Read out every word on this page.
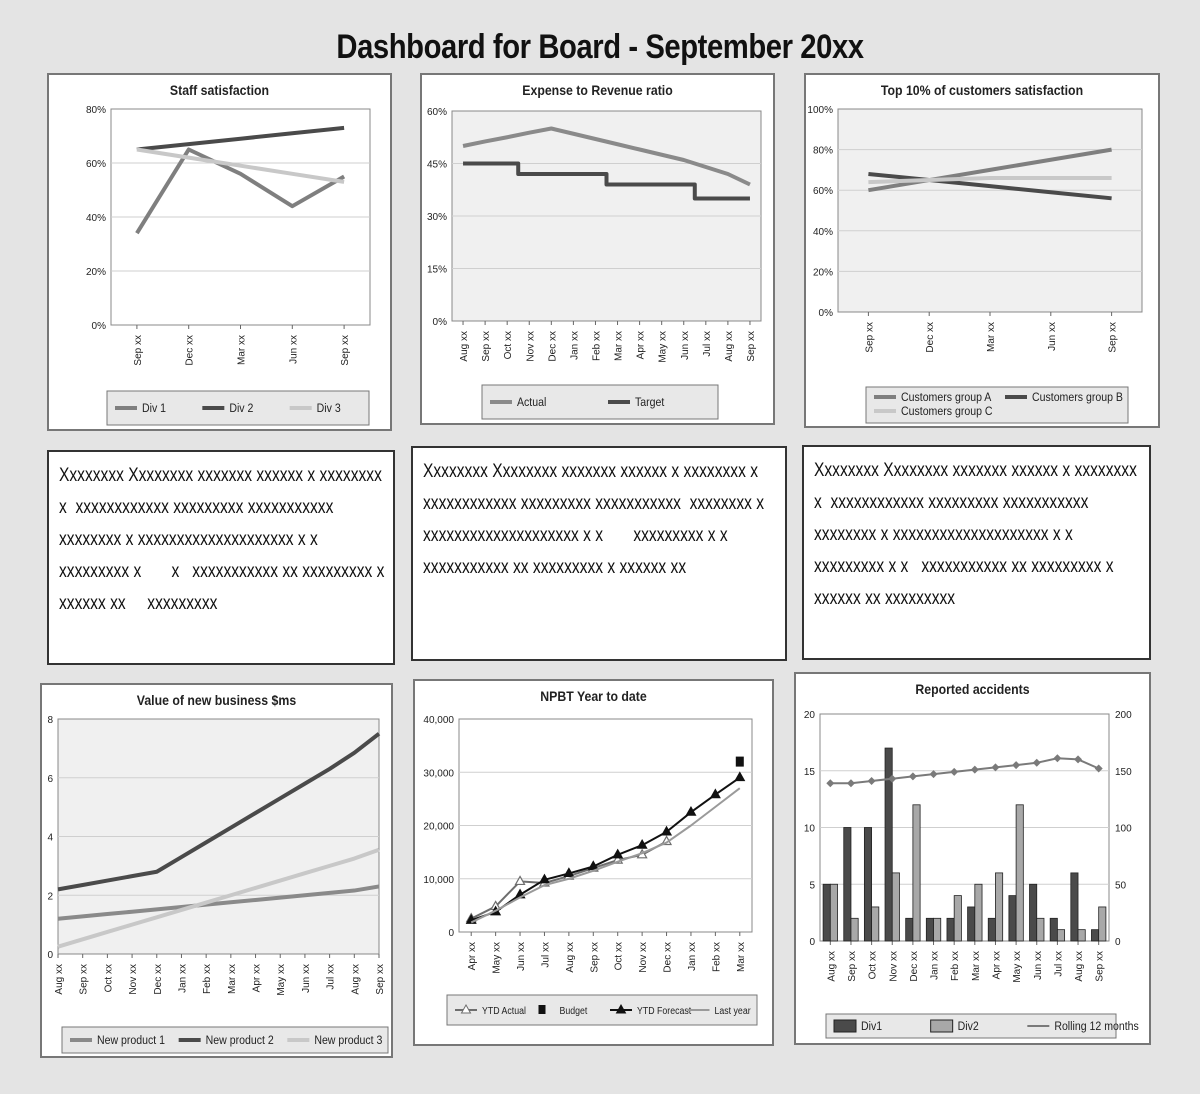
Dashboard for Board - September 20xx
Staff satisfaction
0%
20%
40%
60%
80%
Sep xx	Dec xx	Mar xx	Jun xx	Sep xx
Div 1	Div 2	Div 3
Expense to Revenue ratio
0%
15%
30%
45%
60%
Aug xx Sep xx Oct xx Nov xx Dec xx Jan xx Feb xx Mar xx Apr xx May xx Jun xx Jul xx Aug xx Sep xx
Actual	Target
Top 10% of customers satisfaction
0%
20%
40%
60%
80%
100%
Sep xx	Dec xx	Mar xx	Jun xx	Sep xx
Customers group A	Customers group B
Customers group C
Xxxxxxxx Xxxxxxxx xxxxxxx xxxxxx x xxxxxxxx x  xxxxxxxxxxxx xxxxxxxxx xxxxxxxxxxx  xxxxxxxx x xxxxxxxxxxxxxxxxxxxx x x       xxxxxxxxx x       x   xxxxxxxxxxx xx xxxxxxxxx x xxxxxx xx     xxxxxxxxx
Xxxxxxxx Xxxxxxxx xxxxxxx xxxxxx x xxxxxxxx x xxxxxxxxxxxx xxxxxxxxx xxxxxxxxxxx  xxxxxxxx x xxxxxxxxxxxxxxxxxxxx x x       xxxxxxxxx x x   xxxxxxxxxxx xx xxxxxxxxx x xxxxxx xx
Xxxxxxxx Xxxxxxxx xxxxxxx xxxxxx x xxxxxxxx x  xxxxxxxxxxxx xxxxxxxxx xxxxxxxxxxx  xxxxxxxx x xxxxxxxxxxxxxxxxxxxx x x       xxxxxxxxx x x   xxxxxxxxxxx xx xxxxxxxxx x xxxxxx xx xxxxxxxxx
Value of new business $ms
0
2
4
6
8
Aug xx Sep xx Oct xx Nov xx Dec xx Jan xx Feb xx Mar xx Apr xx May xx Jun xx Jul xx Aug xx Sep xx
New product 1	New product 2	New product 3
NPBT Year to date
0
10,000
20,000
30,000
40,000
Apr xx May xx Jun xx Jul xx Aug xx Sep xx Oct xx Nov xx Dec xx Jan xx Feb xx Mar xx
YTD Actual	Budget	YTD Forecast Last year
Reported accidents
0
5
10
15
20
0
50
100
150
200
Aug xx Sep xx Oct xx Nov xx Dec xx Jan xx Feb xx Mar xx Apr xx May xx Jun xx Jul xx Aug xx Sep xx
Div1	Div2	Rolling 12 months
